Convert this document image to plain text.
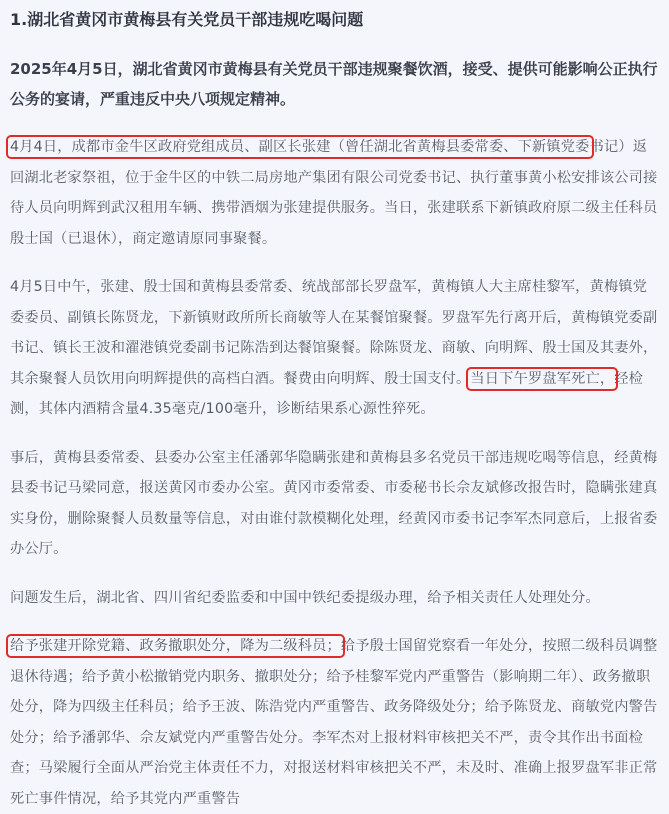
1.湖北省黄冈市黄梅县有关党员干部违规吃喝问题

2025年4月5日，湖北省黄冈市黄梅县有关党员干部违规聚餐饮酒，接受、提供可能影响公正执行公务的宴请，严重违反中央八项规定精神。

4月4日，成都市金牛区政府党组成员、副区长张建（曾任湖北省黄梅县委常委、下新镇党委书记）返回湖北老家祭祖，位于金牛区的中铁二局房地产集团有限公司党委书记、执行董事黄小松安排该公司接待人员向明辉到武汉租用车辆、携带酒烟为张建提供服务。当日，张建联系下新镇政府原二级主任科员殷士国（已退休），商定邀请原同事聚餐。

4月5日中午，张建、殷士国和黄梅县委常委、统战部部长罗盘军，黄梅镇人大主席桂黎军，黄梅镇党委委员、副镇长陈贤龙，下新镇财政所所长商敏等人在某餐馆聚餐。罗盘军先行离开后，黄梅镇党委副书记、镇长王波和濯港镇党委副书记陈浩到达餐馆聚餐。除陈贤龙、商敏、向明辉、殷士国及其妻外，其余聚餐人员饮用向明辉提供的高档白酒。餐费由向明辉、殷士国支付。当日下午罗盘军死亡，经检测，其体内酒精含量4.35毫克/100毫升，诊断结果系心源性猝死。

事后，黄梅县委常委、县委办公室主任潘郭华隐瞒张建和黄梅县多名党员干部违规吃喝等信息，经黄梅县委书记马梁同意，报送黄冈市委办公室。黄冈市委常委、市委秘书长佘友斌修改报告时，隐瞒张建真实身份，删除聚餐人员数量等信息，对由谁付款模糊化处理，经黄冈市委书记李军杰同意后，上报省委办公厅。

问题发生后，湖北省、四川省纪委监委和中国中铁纪委提级办理，给予相关责任人处理处分。

给予张建开除党籍、政务撤职处分，降为二级科员；给予殷士国留党察看一年处分，按照二级科员调整退休待遇；给予黄小松撤销党内职务、撤职处分；给予桂黎军党内严重警告（影响期二年）、政务撤职处分，降为四级主任科员；给予王波、陈浩党内严重警告、政务降级处分；给予陈贤龙、商敏党内警告处分；给予潘郭华、佘友斌党内严重警告处分。李军杰对上报材料审核把关不严，责令其作出书面检查；马梁履行全面从严治党主体责任不力，对报送材料审核把关不严，未及时、准确上报罗盘军非正常死亡事件情况，给予其党内严重警告
